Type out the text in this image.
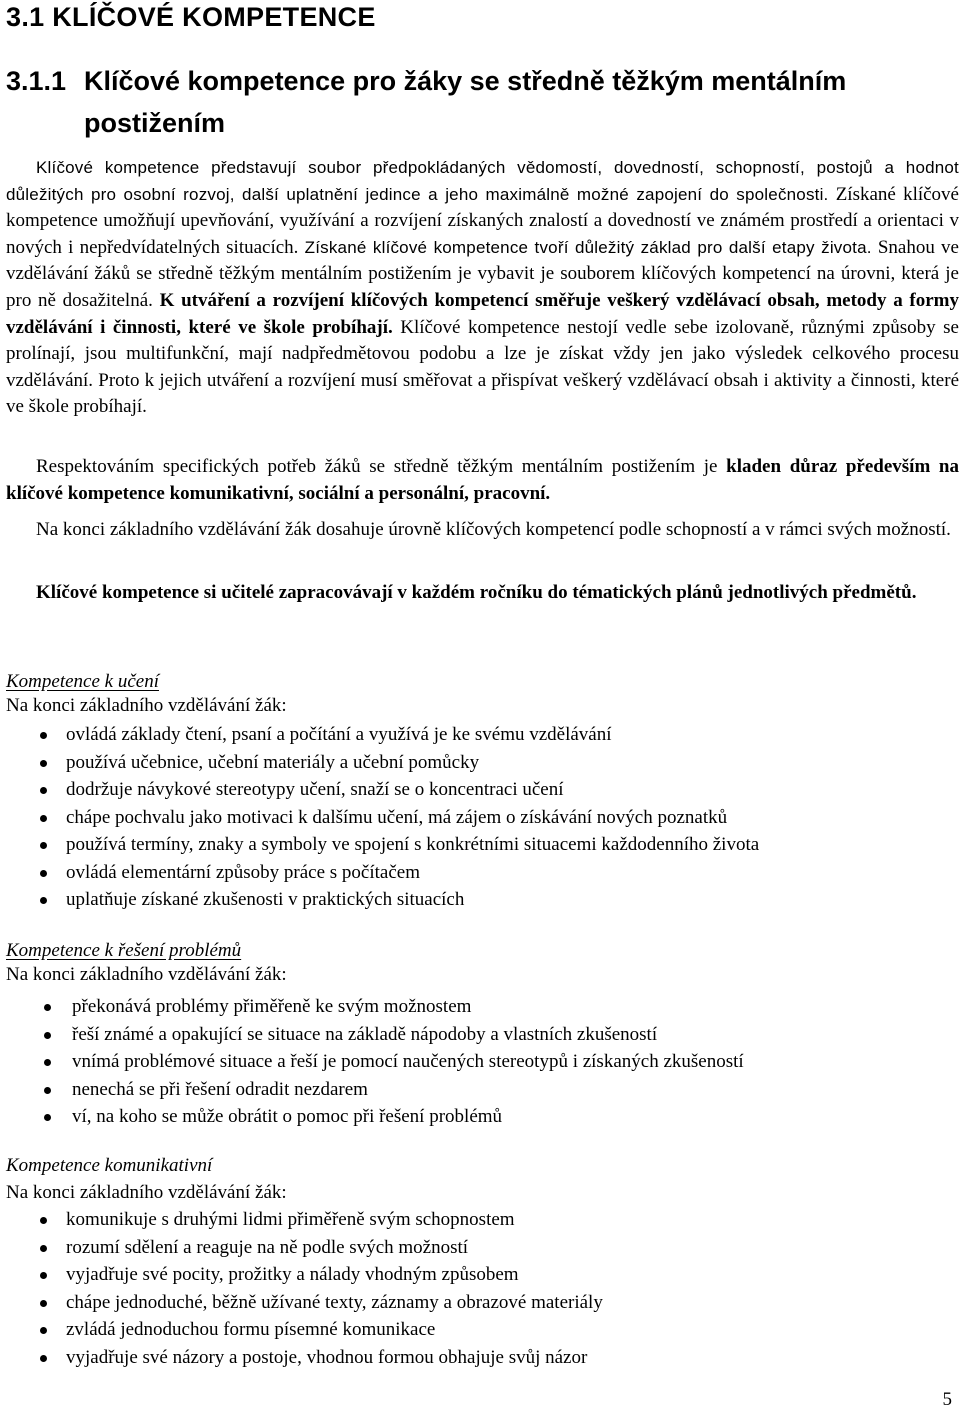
3.1 KLÍČOVÉ KOMPETENCE
3.1.1 Klíčové kompetence pro žáky se středně těžkým mentálním
postižením

Klíčové kompetence představují soubor předpokládaných vědomostí, dovedností, schopností, postojů a hodnot důležitých pro osobní rozvoj, další uplatnění jedince a jeho maximálně možné zapojení do společnosti. Získané klíčové kompetence umožňují upevňování, využívání a rozvíjení získaných znalostí a dovedností ve známém prostředí a orientaci v nových i nepředvídatelných situacích. Získané klíčové kompetence tvoří důležitý základ pro další etapy života. Snahou ve vzdělávání žáků se středně těžkým mentálním postižením je vybavit je souborem klíčových kompetencí na úrovni, která je pro ně dosažitelná. K utváření a rozvíjení klíčových kompetencí směřuje veškerý vzdělávací obsah, metody a formy vzdělávání i činnosti, které ve škole probíhají. Klíčové kompetence nestojí vedle sebe izolovaně, různými způsoby se prolínají, jsou multifunkční, mají nadpředmětovou podobu a lze je získat vždy jen jako výsledek celkového procesu vzdělávání. Proto k jejich utváření a rozvíjení musí směřovat a přispívat veškerý vzdělávací obsah i aktivity a činnosti, které ve škole probíhají.

Respektováním specifických potřeb žáků se středně těžkým mentálním postižením je kladen důraz především na klíčové kompetence komunikativní, sociální a personální, pracovní.

Na konci základního vzdělávání žák dosahuje úrovně klíčových kompetencí podle schopností a v rámci svých možností.

Klíčové kompetence si učitelé zapracovávají v každém ročníku do tématických plánů jednotlivých předmětů.

Kompetence k učení

Na konci základního vzdělávání žák:

ovládá základy čtení, psaní a počítání a využívá je ke svému vzdělávání
používá učebnice, učební materiály a učební pomůcky
dodržuje návykové stereotypy učení, snaží se o koncentraci učení
chápe pochvalu jako motivaci k dalšímu učení, má zájem o získávání nových poznatků
používá termíny, znaky a symboly ve spojení s konkrétními situacemi každodenního života
ovládá elementární způsoby práce s počítačem
uplatňuje získané zkušenosti v praktických situacích

Kompetence k řešení problémů

Na konci základního vzdělávání žák:

překonává problémy přiměřeně ke svým možnostem
řeší známé a opakující se situace na základě nápodoby a vlastních zkušeností
vnímá problémové situace a řeší je pomocí naučených stereotypů i získaných zkušeností
nenechá se při řešení odradit nezdarem
ví, na koho se může obrátit o pomoc při řešení problémů

Kompetence komunikativní

Na konci základního vzdělávání žák:

komunikuje s druhými lidmi přiměřeně svým schopnostem
rozumí sdělení a reaguje na ně podle svých možností
vyjadřuje své pocity, prožitky a nálady vhodným způsobem
chápe jednoduché, běžně užívané texty, záznamy a obrazové materiály
zvládá jednoduchou formu písemné komunikace
vyjadřuje své názory a postoje, vhodnou formou obhajuje svůj názor
5
